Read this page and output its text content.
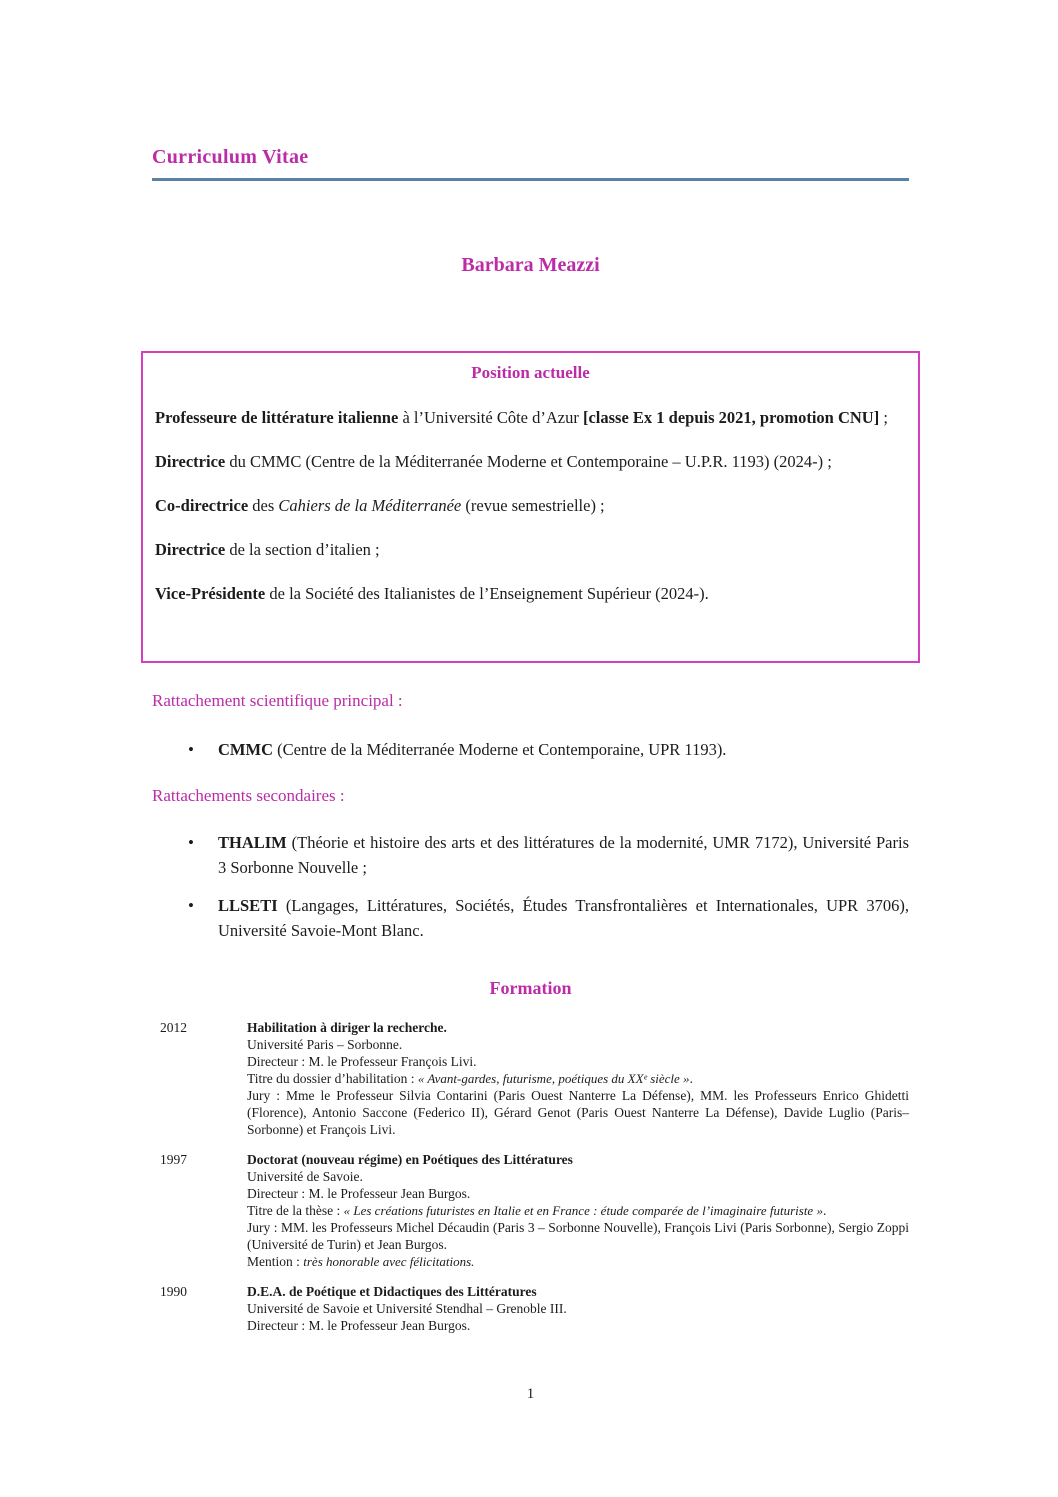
Curriculum Vitae
Barbara Meazzi

Position actuelle

Professeure de littérature italienne à l’Université Côte d’Azur [classe Ex 1 depuis 2021, promotion CNU] ;

Directrice du CMMC (Centre de la Méditerranée Moderne et Contemporaine – U.P.R. 1193) (2024-) ;

Co-directrice des Cahiers de la Méditerranée (revue semestrielle) ;

Directrice de la section d’italien ;

Vice-Présidente de la Société des Italianistes de l’Enseignement Supérieur (2024-).

Rattachement scientifique principal :
• CMMC (Centre de la Méditerranée Moderne et Contemporaine, UPR 1193).
Rattachements secondaires :
• THALIM (Théorie et histoire des arts et des littératures de la modernité, UMR 7172), Université Paris 3 Sorbonne Nouvelle ;
• LLSETI (Langages, Littératures, Sociétés, Études Transfrontalières et Internationales, UPR 3706), Université Savoie-Mont Blanc.
Formation
2012	Habilitation à diriger la recherche.
Université Paris – Sorbonne.
Directeur : M. le Professeur François Livi.
Titre du dossier d’habilitation : « Avant-gardes, futurisme, poétiques du XXᵉ siècle ».
Jury : Mme le Professeur Silvia Contarini (Paris Ouest Nanterre La Défense), MM. les Professeurs Enrico Ghidetti (Florence), Antonio Saccone (Federico II), Gérard Genot (Paris Ouest Nanterre La Défense), Davide Luglio (Paris–Sorbonne) et François Livi.
1997	Doctorat (nouveau régime) en Poétiques des Littératures
Université de Savoie.
Directeur : M. le Professeur Jean Burgos.
Titre de la thèse : « Les créations futuristes en Italie et en France : étude comparée de l’imaginaire futuriste ».
Jury : MM. les Professeurs Michel Décaudin (Paris 3 – Sorbonne Nouvelle), François Livi (Paris Sorbonne), Sergio Zoppi (Université de Turin) et Jean Burgos.
Mention : très honorable avec félicitations.
1990	D.E.A. de Poétique et Didactiques des Littératures
Université de Savoie et Université Stendhal – Grenoble III.
Directeur : M. le Professeur Jean Burgos.
1
